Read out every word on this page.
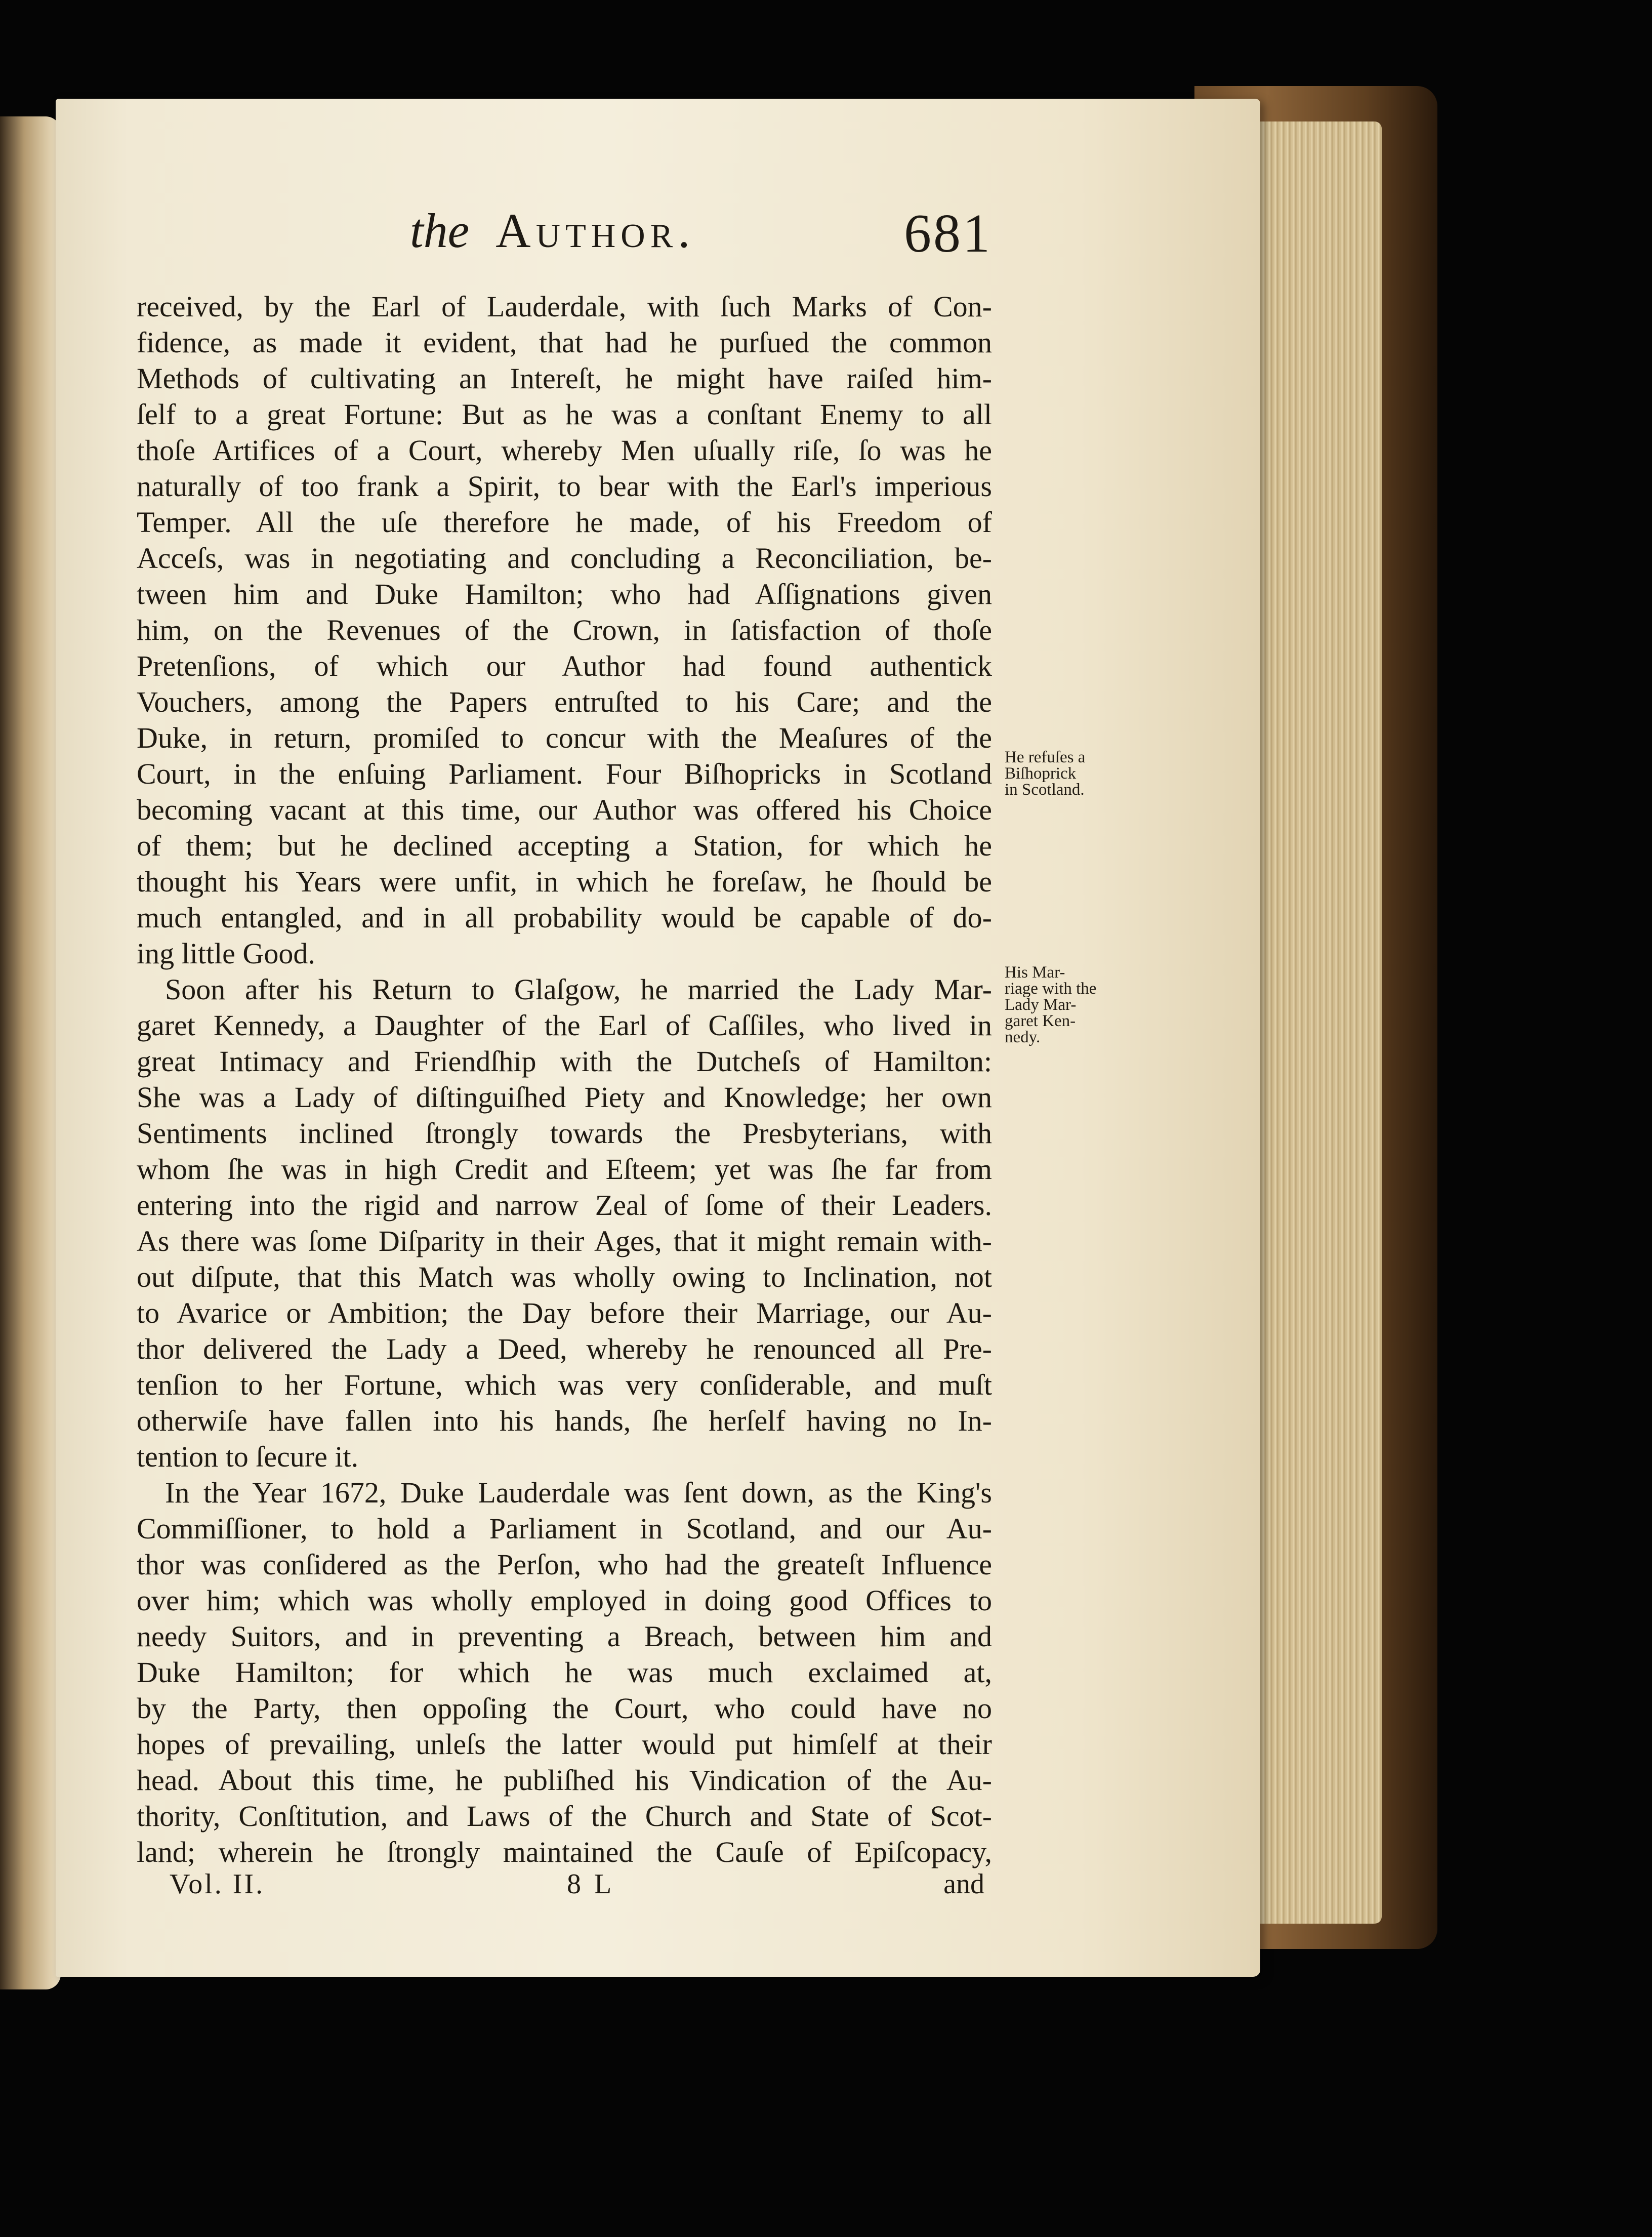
the Author.	681
received, by the Earl of Lauderdale, with ſuch Marks of Con-
fidence, as made it evident, that had he purſued the common
Methods of cultivating an Intereſt, he might have raiſed him-
ſelf to a great Fortune: But as he was a conſtant Enemy to all
thoſe Artifices of a Court, whereby Men uſually riſe, ſo was he
naturally of too frank a Spirit, to bear with the Earl's imperious
Temper. All the uſe therefore he made, of his Freedom of
Acceſs, was in negotiating and concluding a Reconciliation, be-
tween him and Duke Hamilton; who had Aſſignations given
him, on the Revenues of the Crown, in ſatisfaction of thoſe
Pretenſions, of which our Author had found authentick
Vouchers, among the Papers entruſted to his Care; and the
Duke, in return, promiſed to concur with the Meaſures of the
Court, in the enſuing Parliament. Four Biſhopricks in Scotland
becoming vacant at this time, our Author was offered his Choice
of them; but he declined accepting a Station, for which he
thought his Years were unfit, in which he foreſaw, he ſhould be
much entangled, and in all probability would be capable of do-
ing little Good.
Soon after his Return to Glaſgow, he married the Lady Mar-
garet Kennedy, a Daughter of the Earl of Caſſiles, who lived in
great Intimacy and Friendſhip with the Dutcheſs of Hamilton:
She was a Lady of diſtinguiſhed Piety and Knowledge; her own
Sentiments inclined ſtrongly towards the Presbyterians, with
whom ſhe was in high Credit and Eſteem; yet was ſhe far from
entering into the rigid and narrow Zeal of ſome of their Leaders.
As there was ſome Diſparity in their Ages, that it might remain with-
out diſpute, that this Match was wholly owing to Inclination, not
to Avarice or Ambition; the Day before their Marriage, our Au-
thor delivered the Lady a Deed, whereby he renounced all Pre-
tenſion to her Fortune, which was very conſiderable, and muſt
otherwiſe have fallen into his hands, ſhe herſelf having no In-
tention to ſecure it.
In the Year 1672, Duke Lauderdale was ſent down, as the King's
Commiſſioner, to hold a Parliament in Scotland, and our Au-
thor was conſidered as the Perſon, who had the greateſt Influence
over him; which was wholly employed in doing good Offices to
needy Suitors, and in preventing a Breach, between him and
Duke Hamilton; for which he was much exclaimed at,
by the Party, then oppoſing the Court, who could have no
hopes of prevailing, unleſs the latter would put himſelf at their
head. About this time, he publiſhed his Vindication of the Au-
thority, Conſtitution, and Laws of the Church and State of Scot-
land; wherein he ſtrongly maintained the Cauſe of Epiſcopacy,
He refuſes a
Biſhoprick
in Scotland.
His Mar-
riage with the
Lady Mar-
garet Ken-
nedy.
Vol. II.	8 L	and
